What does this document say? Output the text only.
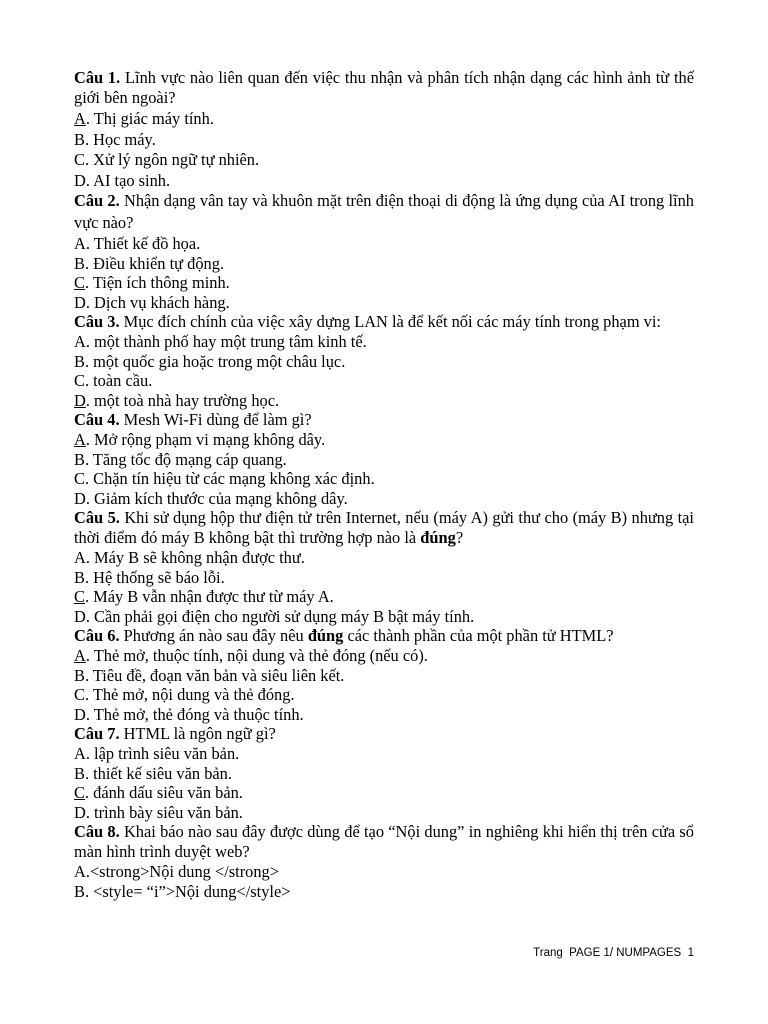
Câu 1. Lĩnh vực nào liên quan đến việc thu nhận và phân tích nhận dạng các hình ảnh từ thế giới bên ngoài?
A. Thị giác máy tính.
B. Học máy.
C. Xử lý ngôn ngữ tự nhiên.
D. AI tạo sinh.
Câu 2. Nhận dạng vân tay và khuôn mặt trên điện thoại di động là ứng dụng của AI trong lĩnh vực nào?
A. Thiết kế đồ họa.
B. Điều khiển tự động.
C. Tiện ích thông minh.
D. Dịch vụ khách hàng.
Câu 3. Mục đích chính của việc xây dựng LAN là để kết nối các máy tính trong phạm vi:
A. một thành phố hay một trung tâm kinh tế.
B. một quốc gia hoặc trong một châu lục.
C. toàn cầu.
D. một toà nhà hay trường học.
Câu 4. Mesh Wi-Fi dùng để làm gì?
A. Mở rộng phạm vi mạng không dây.
B. Tăng tốc độ mạng cáp quang.
C. Chặn tín hiệu từ các mạng không xác định.
D. Giảm kích thước của mạng không dây.
Câu 5. Khi sử dụng hộp thư điện tử trên Internet, nếu (máy A) gửi thư cho (máy B) nhưng tại thời điểm đó máy B không bật thì trường hợp nào là đúng?
A. Máy B sẽ không nhận được thư.
B. Hệ thống sẽ báo lỗi.
C. Máy B vẫn nhận được thư từ máy A.
D. Cần phải gọi điện cho người sử dụng máy B bật máy tính.
Câu 6. Phương án nào sau đây nêu đúng các thành phần của một phần tử HTML?
A. Thẻ mở, thuộc tính, nội dung và thẻ đóng (nếu có).
B. Tiêu đề, đoạn văn bản và siêu liên kết.
C. Thẻ mở, nội dung và thẻ đóng.
D. Thẻ mở, thẻ đóng và thuộc tính.
Câu 7. HTML là ngôn ngữ gì?
A. lập trình siêu văn bản.
B. thiết kế siêu văn bản.
C. đánh dấu siêu văn bản.
D. trình bày siêu văn bản.
Câu 8. Khai báo nào sau đây được dùng để tạo “Nội dung” in nghiêng khi hiển thị trên cửa sổ màn hình trình duyệt web?
A.<strong>Nội dung </strong>
B. <style= “i”>Nội dung</style>
Trang  PAGE 1/ NUMPAGES  1
